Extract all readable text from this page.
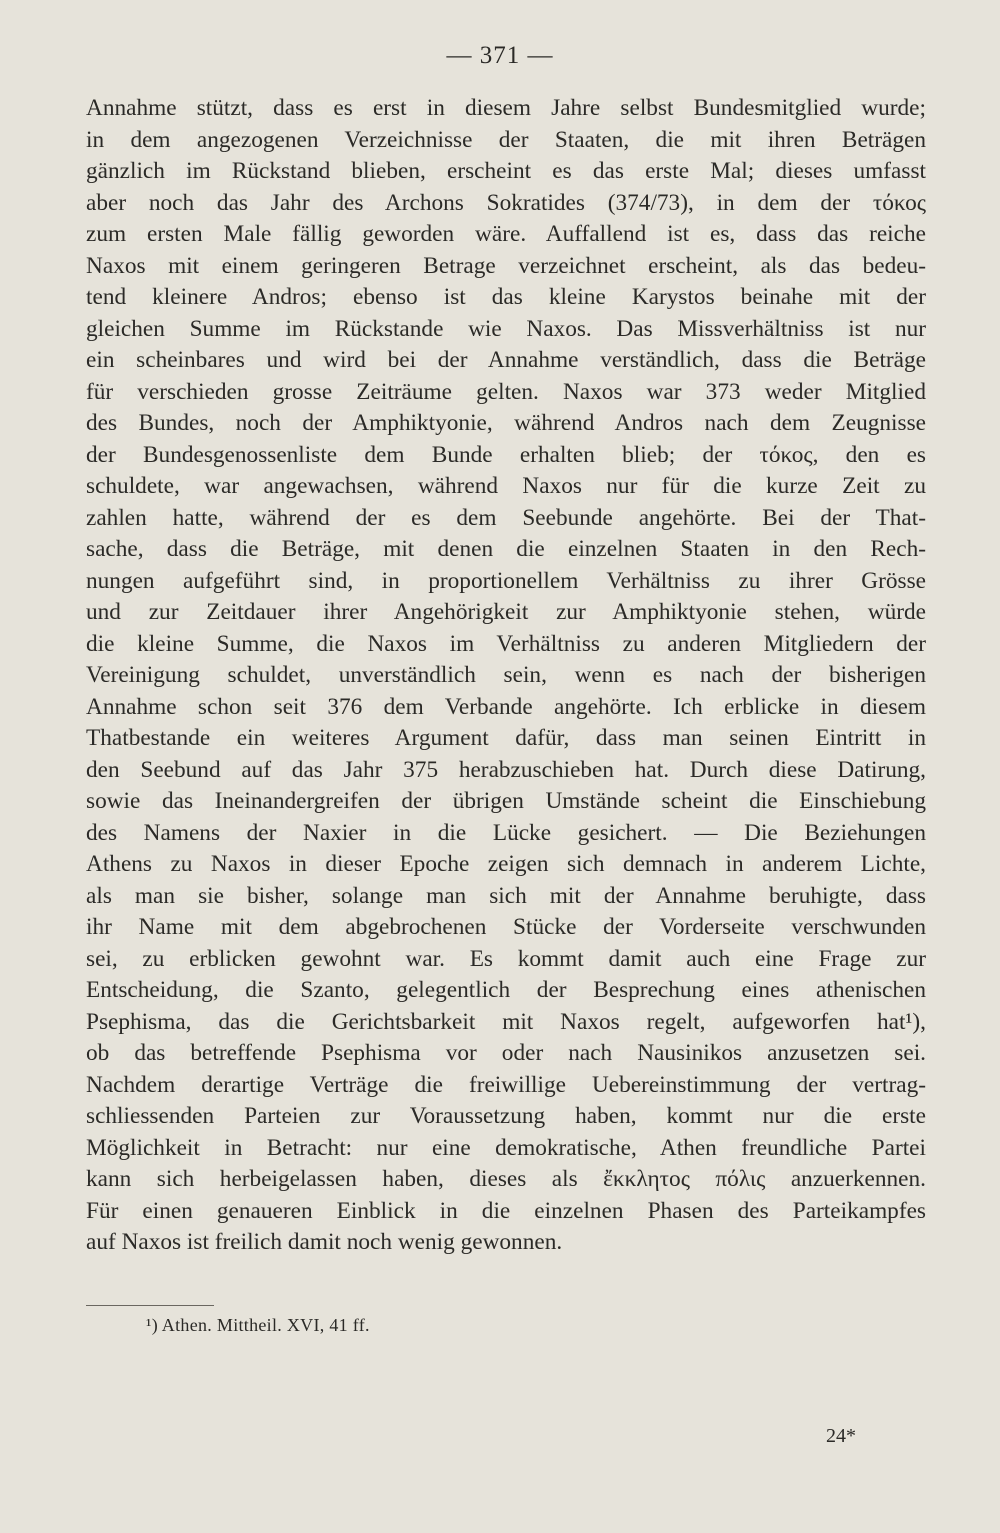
— 371 —
Annahme stützt, dass es erst in diesem Jahre selbst Bundesmitglied wurde;
in dem angezogenen Verzeichnisse der Staaten, die mit ihren Beträgen
gänzlich im Rückstand blieben, erscheint es das erste Mal; dieses umfasst
aber noch das Jahr des Archons Sokratides (374/73), in dem der τόκος
zum ersten Male fällig geworden wäre. Auffallend ist es, dass das reiche
Naxos mit einem geringeren Betrage verzeichnet erscheint, als das bedeu-
tend kleinere Andros; ebenso ist das kleine Karystos beinahe mit der
gleichen Summe im Rückstande wie Naxos. Das Missverhältniss ist nur
ein scheinbares und wird bei der Annahme verständlich, dass die Beträge
für verschieden grosse Zeiträume gelten. Naxos war 373 weder Mitglied
des Bundes, noch der Amphiktyonie, während Andros nach dem Zeugnisse
der Bundesgenossenliste dem Bunde erhalten blieb; der τόκος, den es
schuldete, war angewachsen, während Naxos nur für die kurze Zeit zu
zahlen hatte, während der es dem Seebunde angehörte. Bei der That-
sache, dass die Beträge, mit denen die einzelnen Staaten in den Rech-
nungen aufgeführt sind, in proportionellem Verhältniss zu ihrer Grösse
und zur Zeitdauer ihrer Angehörigkeit zur Amphiktyonie stehen, würde
die kleine Summe, die Naxos im Verhältniss zu anderen Mitgliedern der
Vereinigung schuldet, unverständlich sein, wenn es nach der bisherigen
Annahme schon seit 376 dem Verbande angehörte. Ich erblicke in diesem
Thatbestande ein weiteres Argument dafür, dass man seinen Eintritt in
den Seebund auf das Jahr 375 herabzuschieben hat. Durch diese Datirung,
sowie das Ineinandergreifen der übrigen Umstände scheint die Einschiebung
des Namens der Naxier in die Lücke gesichert. — Die Beziehungen
Athens zu Naxos in dieser Epoche zeigen sich demnach in anderem Lichte,
als man sie bisher, solange man sich mit der Annahme beruhigte, dass
ihr Name mit dem abgebrochenen Stücke der Vorderseite verschwunden
sei, zu erblicken gewohnt war. Es kommt damit auch eine Frage zur
Entscheidung, die Szanto, gelegentlich der Besprechung eines athenischen
Psephisma, das die Gerichtsbarkeit mit Naxos regelt, aufgeworfen hat¹),
ob das betreffende Psephisma vor oder nach Nausinikos anzusetzen sei.
Nachdem derartige Verträge die freiwillige Uebereinstimmung der vertrag-
schliessenden Parteien zur Voraussetzung haben, kommt nur die erste
Möglichkeit in Betracht: nur eine demokratische, Athen freundliche Partei
kann sich herbeigelassen haben, dieses als ἔκκλητος πόλις anzuerkennen.
Für einen genaueren Einblick in die einzelnen Phasen des Parteikampfes
auf Naxos ist freilich damit noch wenig gewonnen.
¹) Athen. Mittheil. XVI, 41 ff.
24*
